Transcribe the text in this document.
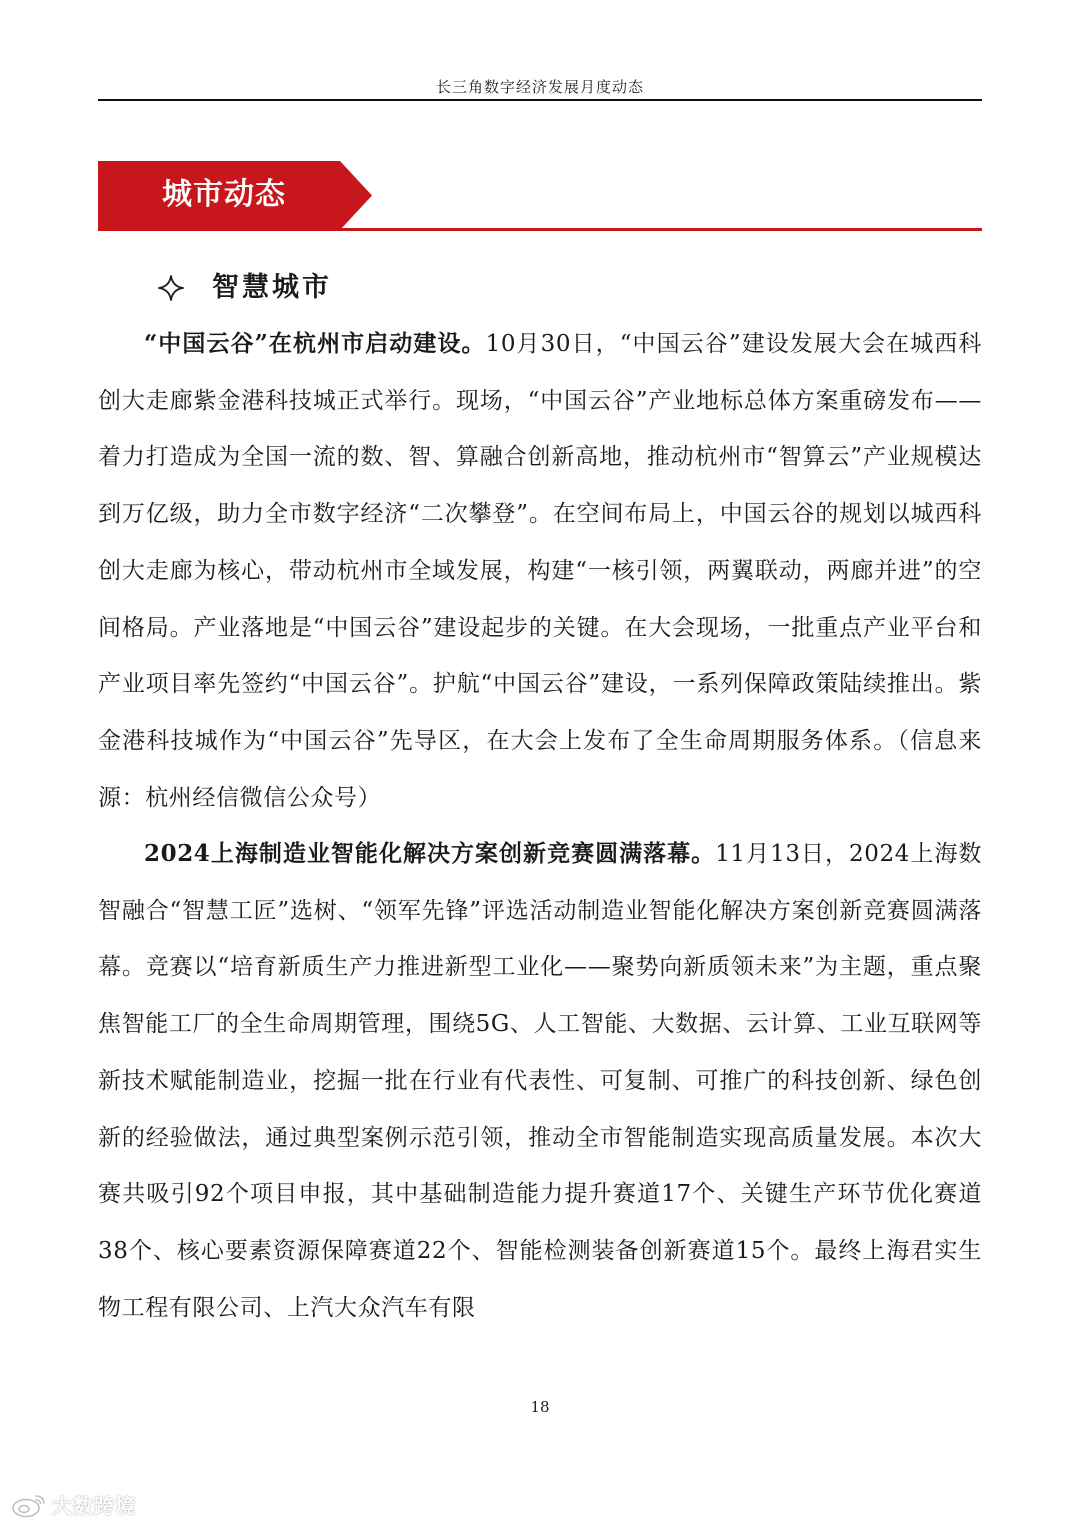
长三角数字经济发展月度动态
城市动态
智慧城市

“中国云谷”在杭州市启动建设。10月30日，“中国云谷”建设发展大会在城西科创大走廊紫金港科技城正式举行。现场，“中国云谷”产业地标总体方案重磅发布——着力打造成为全国一流的数、智、算融合创新高地，推动杭州市“智算云”产业规模达到万亿级，助力全市数字经济“二次攀登”。在空间布局上，中国云谷的规划以城西科创大走廊为核心，带动杭州市全域发展，构建“一核引领，两翼联动，两廊并进”的空间格局。产业落地是“中国云谷”建设起步的关键。在大会现场，一批重点产业平台和产业项目率先签约“中国云谷”。护航“中国云谷”建设，一系列保障政策陆续推出。紫金港科技城作为“中国云谷”先导区，在大会上发布了全生命周期服务体系。（信息来源：杭州经信微信公众号）

2024上海制造业智能化解决方案创新竞赛圆满落幕。11月13日，2024上海数智融合“智慧工匠”选树、“领军先锋”评选活动制造业智能化解决方案创新竞赛圆满落幕。竞赛以“培育新质生产力推进新型工业化——聚势向新质领未来”为主题，重点聚焦智能工厂的全生命周期管理，围绕5G、人工智能、大数据、云计算、工业互联网等新技术赋能制造业，挖掘一批在行业有代表性、可复制、可推广的科技创新、绿色创新的经验做法，通过典型案例示范引领，推动全市智能制造实现高质量发展。本次大赛共吸引92个项目申报，其中基础制造能力提升赛道17个、关键生产环节优化赛道38个、核心要素资源保障赛道22个、智能检测装备创新赛道15个。最终上海君实生物工程有限公司、上汽大众汽车有限

18
大数跨境
